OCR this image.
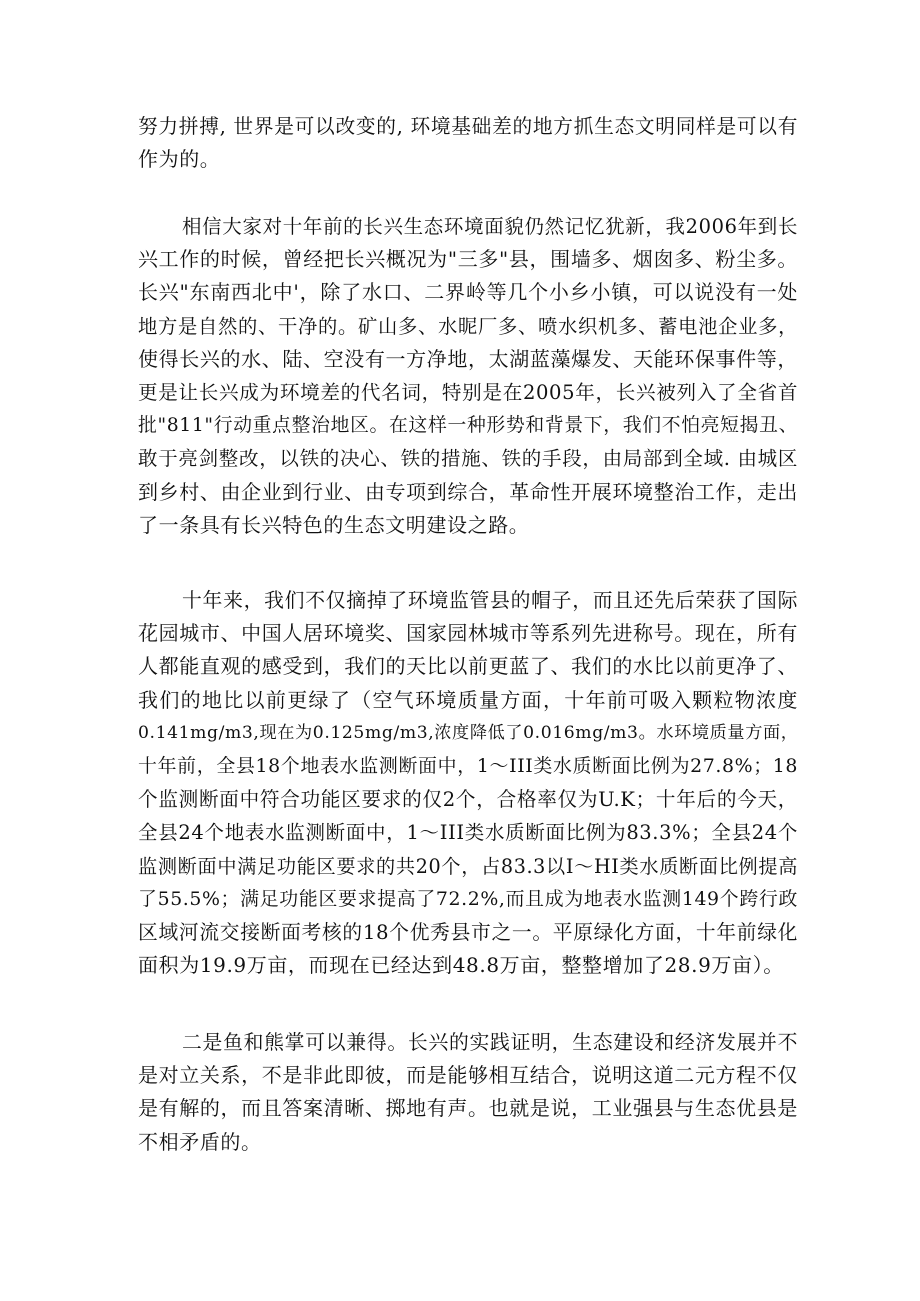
努力拼搏, 世界是可以改变的, 环境基础差的地方抓生态文明同样是可以有
作为的。

相信大家对十年前的长兴生态环境面貌仍然记忆犹新，我2006年到长
兴工作的时候，曾经把长兴概况为"三多"县，围墙多、烟囱多、粉尘多。
长兴"东南西北中'，除了水口、二界岭等几个小乡小镇，可以说没有一处
地方是自然的、干净的。矿山多、水昵厂多、喷水织机多、蓄电池企业多，
使得长兴的水、陆、空没有一方净地，太湖蓝藻爆发、天能环保事件等，
更是让长兴成为环境差的代名词，特别是在2005年，长兴被列入了全省首
批"811"行动重点整治地区。在这样一种形势和背景下，我们不怕亮短揭丑、
敢于亮剑整改，以铁的决心、铁的措施、铁的手段，由局部到全域. 由城区
到乡村、由企业到行业、由专项到综合，革命性开展环境整治工作，走出
了一条具有长兴特色的生态文明建设之路。

十年来，我们不仅摘掉了环境监管县的帽子，而且还先后荣获了国际
花园城市、中国人居环境奖、国家园林城市等系列先进称号。现在，所有
人都能直观的感受到，我们的天比以前更蓝了、我们的水比以前更净了、
我们的地比以前更绿了（空气环境质量方面，十年前可吸入颗粒物浓度
0.141mg∕m3,现在为0.125mg∕m3,浓度降低了0.016mg∕m3。水环境质量方面，
十年前，全县18个地表水监测断面中，1〜III类水质断面比例为27.8%；18
个监测断面中符合功能区要求的仅2个，合格率仅为U.K；十年后的今天，
全县24个地表水监测断面中，1〜III类水质断面比例为83.3%；全县24个
监测断面中满足功能区要求的共20个，占83.3以I〜HI类水质断面比例提高
了55.5%；满足功能区要求提高了72.2%,而且成为地表水监测149个跨行政
区域河流交接断面考核的18个优秀县市之一。平原绿化方面，十年前绿化
面积为19.9万亩，而现在已经达到48.8万亩，整整增加了28.9万亩）。

二是鱼和熊掌可以兼得。长兴的实践证明，生态建设和经济发展并不
是对立关系，不是非此即彼，而是能够相互结合，说明这道二元方程不仅
是有解的，而且答案清晰、掷地有声。也就是说，工业强县与生态优县是
不相矛盾的。
